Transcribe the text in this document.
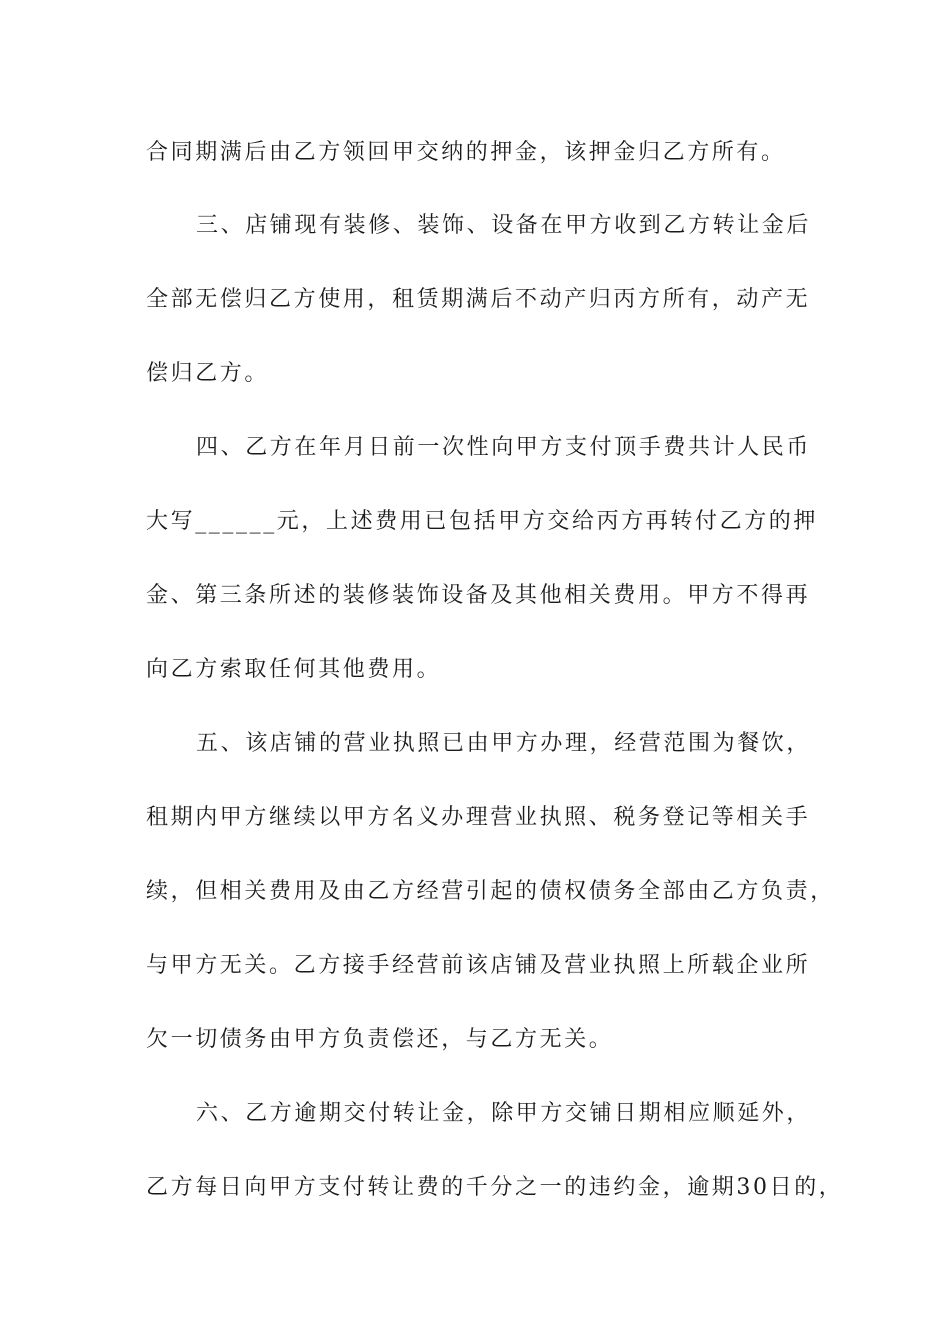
合同期满后由乙方领回甲交纳的押金，该押金归乙方所有。
三、店铺现有装修、装饰、设备在甲方收到乙方转让金后
全部无偿归乙方使用，租赁期满后不动产归丙方所有，动产无
偿归乙方。
四、乙方在年月日前一次性向甲方支付顶手费共计人民币
大写______元，上述费用已包括甲方交给丙方再转付乙方的押
金、第三条所述的装修装饰设备及其他相关费用。甲方不得再
向乙方索取任何其他费用。
五、该店铺的营业执照已由甲方办理，经营范围为餐饮，
租期内甲方继续以甲方名义办理营业执照、税务登记等相关手
续，但相关费用及由乙方经营引起的债权债务全部由乙方负责，
与甲方无关。乙方接手经营前该店铺及营业执照上所载企业所
欠一切债务由甲方负责偿还，与乙方无关。
六、乙方逾期交付转让金，除甲方交铺日期相应顺延外，
乙方每日向甲方支付转让费的千分之一的违约金，逾期30日的，
